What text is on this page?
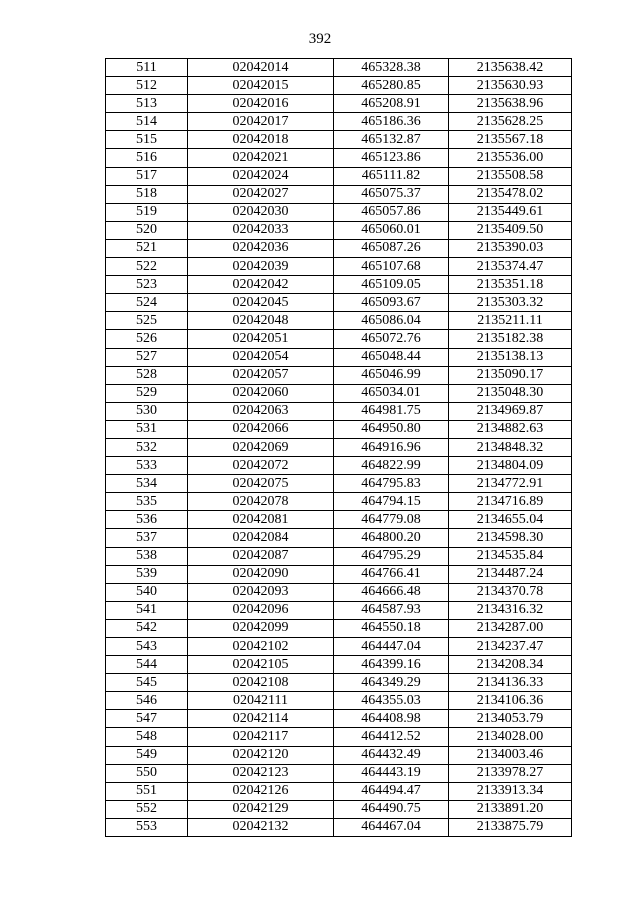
392
511	02042014	465328.38	2135638.42
512	02042015	465280.85	2135630.93
513	02042016	465208.91	2135638.96
514	02042017	465186.36	2135628.25
515	02042018	465132.87	2135567.18
516	02042021	465123.86	2135536.00
517	02042024	465111.82	2135508.58
518	02042027	465075.37	2135478.02
519	02042030	465057.86	2135449.61
520	02042033	465060.01	2135409.50
521	02042036	465087.26	2135390.03
522	02042039	465107.68	2135374.47
523	02042042	465109.05	2135351.18
524	02042045	465093.67	2135303.32
525	02042048	465086.04	2135211.11
526	02042051	465072.76	2135182.38
527	02042054	465048.44	2135138.13
528	02042057	465046.99	2135090.17
529	02042060	465034.01	2135048.30
530	02042063	464981.75	2134969.87
531	02042066	464950.80	2134882.63
532	02042069	464916.96	2134848.32
533	02042072	464822.99	2134804.09
534	02042075	464795.83	2134772.91
535	02042078	464794.15	2134716.89
536	02042081	464779.08	2134655.04
537	02042084	464800.20	2134598.30
538	02042087	464795.29	2134535.84
539	02042090	464766.41	2134487.24
540	02042093	464666.48	2134370.78
541	02042096	464587.93	2134316.32
542	02042099	464550.18	2134287.00
543	02042102	464447.04	2134237.47
544	02042105	464399.16	2134208.34
545	02042108	464349.29	2134136.33
546	02042111	464355.03	2134106.36
547	02042114	464408.98	2134053.79
548	02042117	464412.52	2134028.00
549	02042120	464432.49	2134003.46
550	02042123	464443.19	2133978.27
551	02042126	464494.47	2133913.34
552	02042129	464490.75	2133891.20
553	02042132	464467.04	2133875.79
